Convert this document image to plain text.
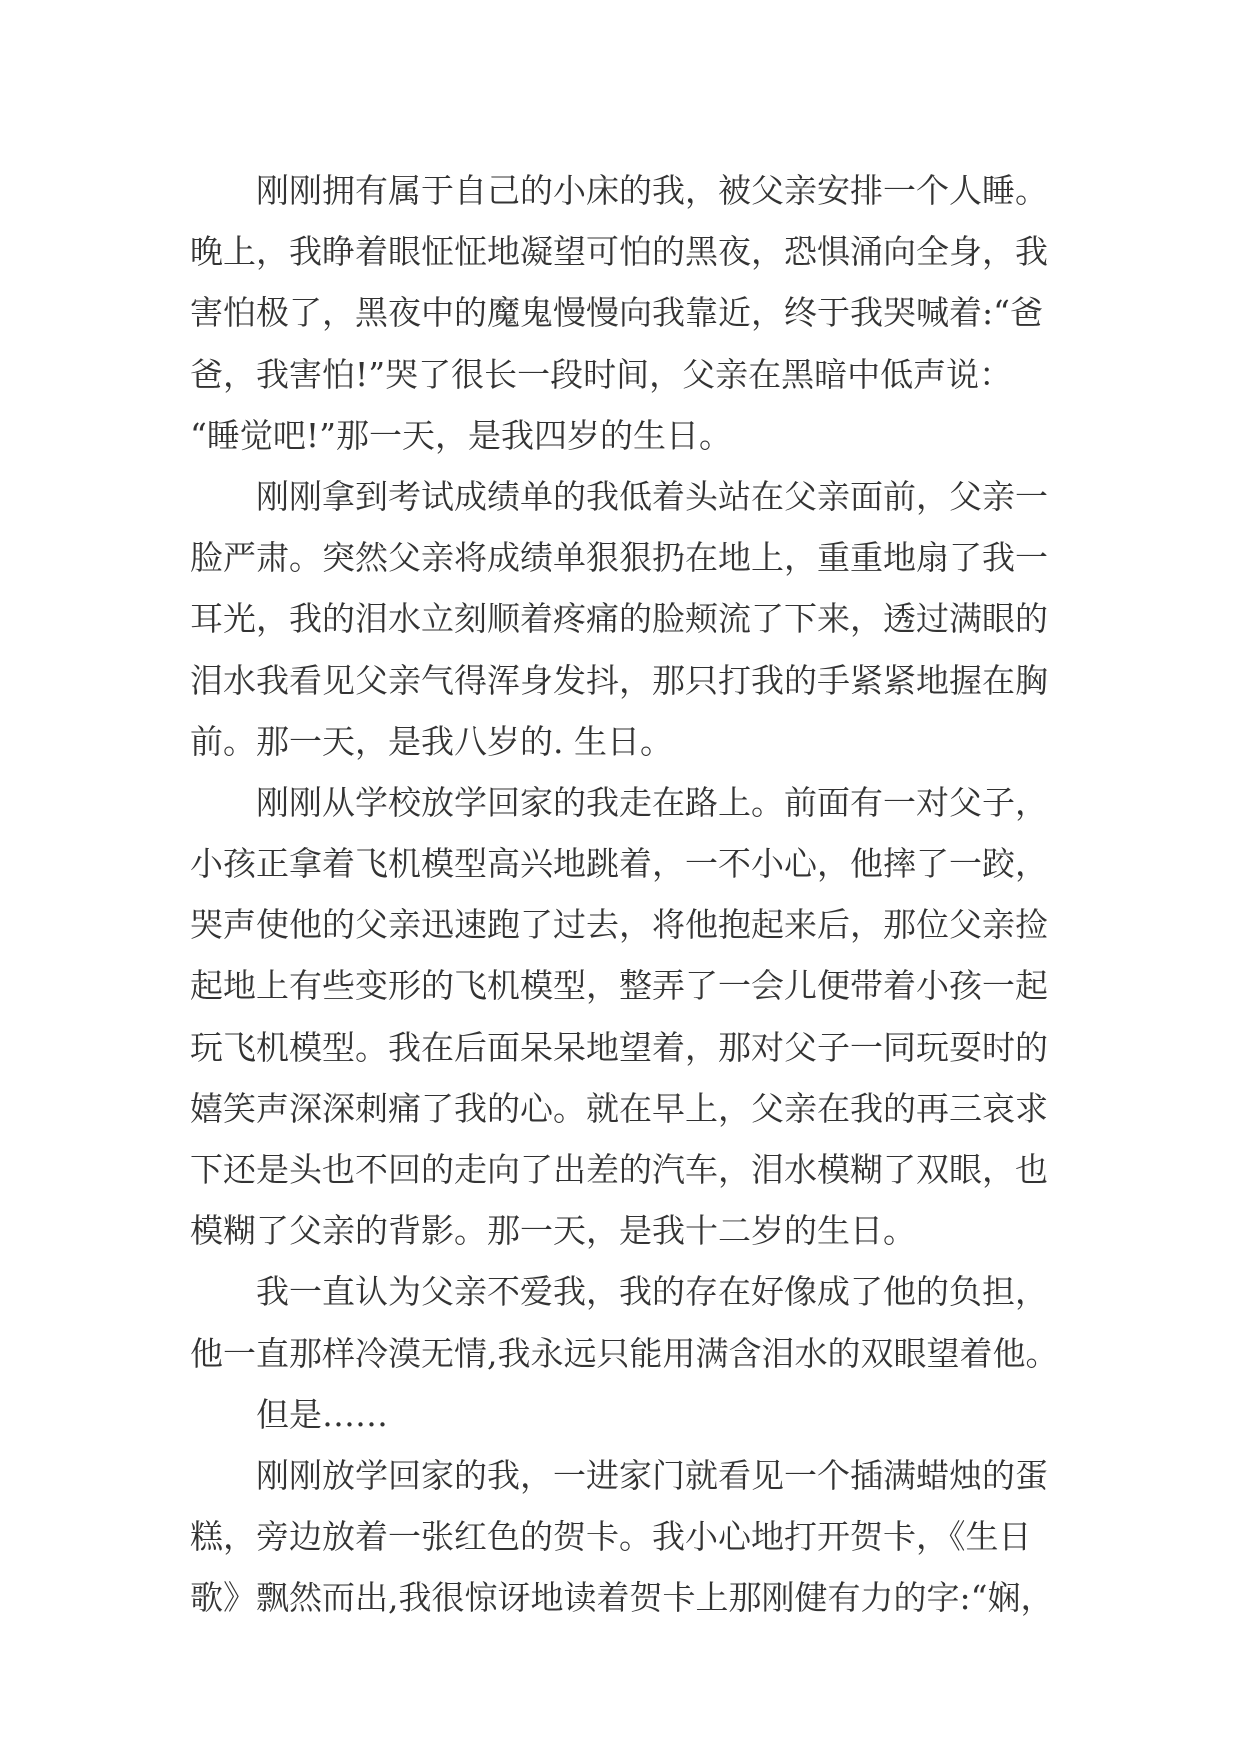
刚刚拥有属于自己的小床的我，被父亲安排一个人睡。
晚上，我睁着眼怔怔地凝望可怕的黑夜，恐惧涌向全身，我
害怕极了，黑夜中的魔鬼慢慢向我靠近，终于我哭喊着:“爸
爸，我害怕!”哭了很长一段时间，父亲在黑暗中低声说：
“睡觉吧!”那一天，是我四岁的生日。
刚刚拿到考试成绩单的我低着头站在父亲面前，父亲一
脸严肃。突然父亲将成绩单狠狠扔在地上，重重地扇了我一
耳光，我的泪水立刻顺着疼痛的脸颊流了下来，透过满眼的
泪水我看见父亲气得浑身发抖，那只打我的手紧紧地握在胸
前。那一天，是我八岁的. 生日。
刚刚从学校放学回家的我走在路上。前面有一对父子，
小孩正拿着飞机模型高兴地跳着，一不小心，他摔了一跤，
哭声使他的父亲迅速跑了过去，将他抱起来后，那位父亲捡
起地上有些变形的飞机模型，整弄了一会儿便带着小孩一起
玩飞机模型。我在后面呆呆地望着，那对父子一同玩耍时的
嬉笑声深深刺痛了我的心。就在早上，父亲在我的再三哀求
下还是头也不回的走向了出差的汽车，泪水模糊了双眼，也
模糊了父亲的背影。那一天，是我十二岁的生日。
我一直认为父亲不爱我，我的存在好像成了他的负担，
他一直那样冷漠无情,我永远只能用满含泪水的双眼望着他。
但是……
刚刚放学回家的我，一进家门就看见一个插满蜡烛的蛋
糕，旁边放着一张红色的贺卡。我小心地打开贺卡，《生日
歌》飘然而出,我很惊讶地读着贺卡上那刚健有力的字:“娴，
